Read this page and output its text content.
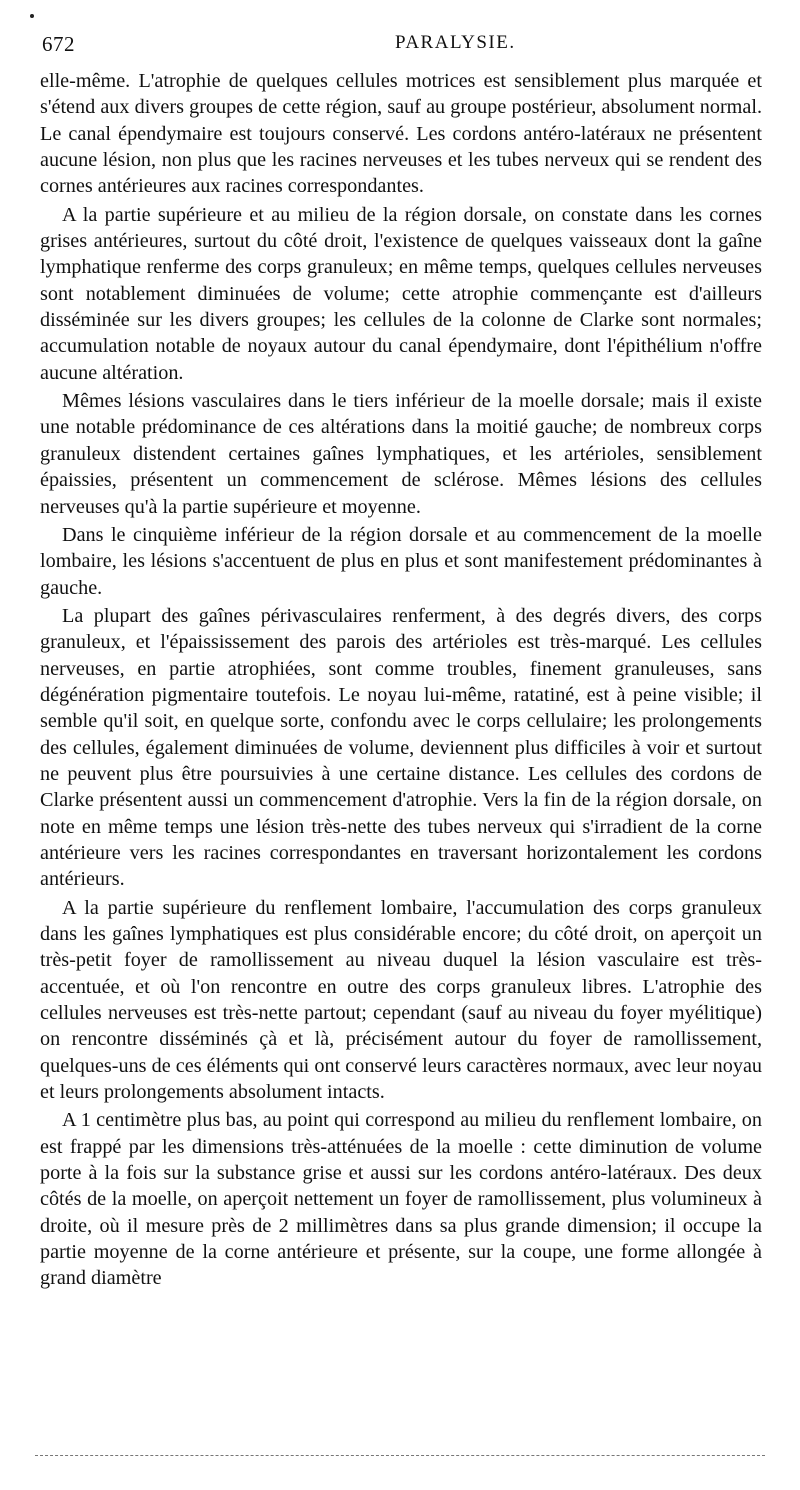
672	PARALYSIE.

elle-même. L'atrophie de quelques cellules motrices est sensiblement plus marquée et s'étend aux divers groupes de cette région, sauf au groupe postérieur, absolument normal. Le canal épendymaire est toujours conservé. Les cordons antéro-latéraux ne présentent aucune lésion, non plus que les racines nerveuses et les tubes nerveux qui se rendent des cornes antérieures aux racines correspondantes.

A la partie supérieure et au milieu de la région dorsale, on constate dans les cornes grises antérieures, surtout du côté droit, l'existence de quelques vaisseaux dont la gaîne lymphatique renferme des corps granuleux; en même temps, quelques cellules nerveuses sont notablement diminuées de volume; cette atrophie commençante est d'ailleurs disséminée sur les divers groupes; les cellules de la colonne de Clarke sont normales; accumulation notable de noyaux autour du canal épendymaire, dont l'épithélium n'offre aucune altération.

Mêmes lésions vasculaires dans le tiers inférieur de la moelle dorsale; mais il existe une notable prédominance de ces altérations dans la moitié gauche; de nombreux corps granuleux distendent certaines gaînes lymphatiques, et les artérioles, sensiblement épaissies, présentent un commencement de sclérose. Mêmes lésions des cellules nerveuses qu'à la partie supérieure et moyenne.

Dans le cinquième inférieur de la région dorsale et au commencement de la moelle lombaire, les lésions s'accentuent de plus en plus et sont manifestement prédominantes à gauche.

La plupart des gaînes périvasculaires renferment, à des degrés divers, des corps granuleux, et l'épaississement des parois des artérioles est très-marqué. Les cellules nerveuses, en partie atrophiées, sont comme troubles, finement granuleuses, sans dégénération pigmentaire toutefois. Le noyau lui-même, ratatiné, est à peine visible; il semble qu'il soit, en quelque sorte, confondu avec le corps cellulaire; les prolongements des cellules, également diminuées de volume, deviennent plus difficiles à voir et surtout ne peuvent plus être poursuivies à une certaine distance. Les cellules des cordons de Clarke présentent aussi un commencement d'atrophie. Vers la fin de la région dorsale, on note en même temps une lésion très-nette des tubes nerveux qui s'irradient de la corne antérieure vers les racines correspondantes en traversant horizontalement les cordons antérieurs.

A la partie supérieure du renflement lombaire, l'accumulation des corps granuleux dans les gaînes lymphatiques est plus considérable encore; du côté droit, on aperçoit un très-petit foyer de ramollissement au niveau duquel la lésion vasculaire est très-accentuée, et où l'on rencontre en outre des corps granuleux libres. L'atrophie des cellules nerveuses est très-nette partout; cependant (sauf au niveau du foyer myélitique) on rencontre disséminés çà et là, précisément autour du foyer de ramollissement, quelques-uns de ces éléments qui ont conservé leurs caractères normaux, avec leur noyau et leurs prolongements absolument intacts.

A 1 centimètre plus bas, au point qui correspond au milieu du renflement lombaire, on est frappé par les dimensions très-atténuées de la moelle : cette diminution de volume porte à la fois sur la substance grise et aussi sur les cordons antéro-latéraux. Des deux côtés de la moelle, on aperçoit nettement un foyer de ramollissement, plus volumineux à droite, où il mesure près de 2 millimètres dans sa plus grande dimension; il occupe la partie moyenne de la corne antérieure et présente, sur la coupe, une forme allongée à grand diamètre
